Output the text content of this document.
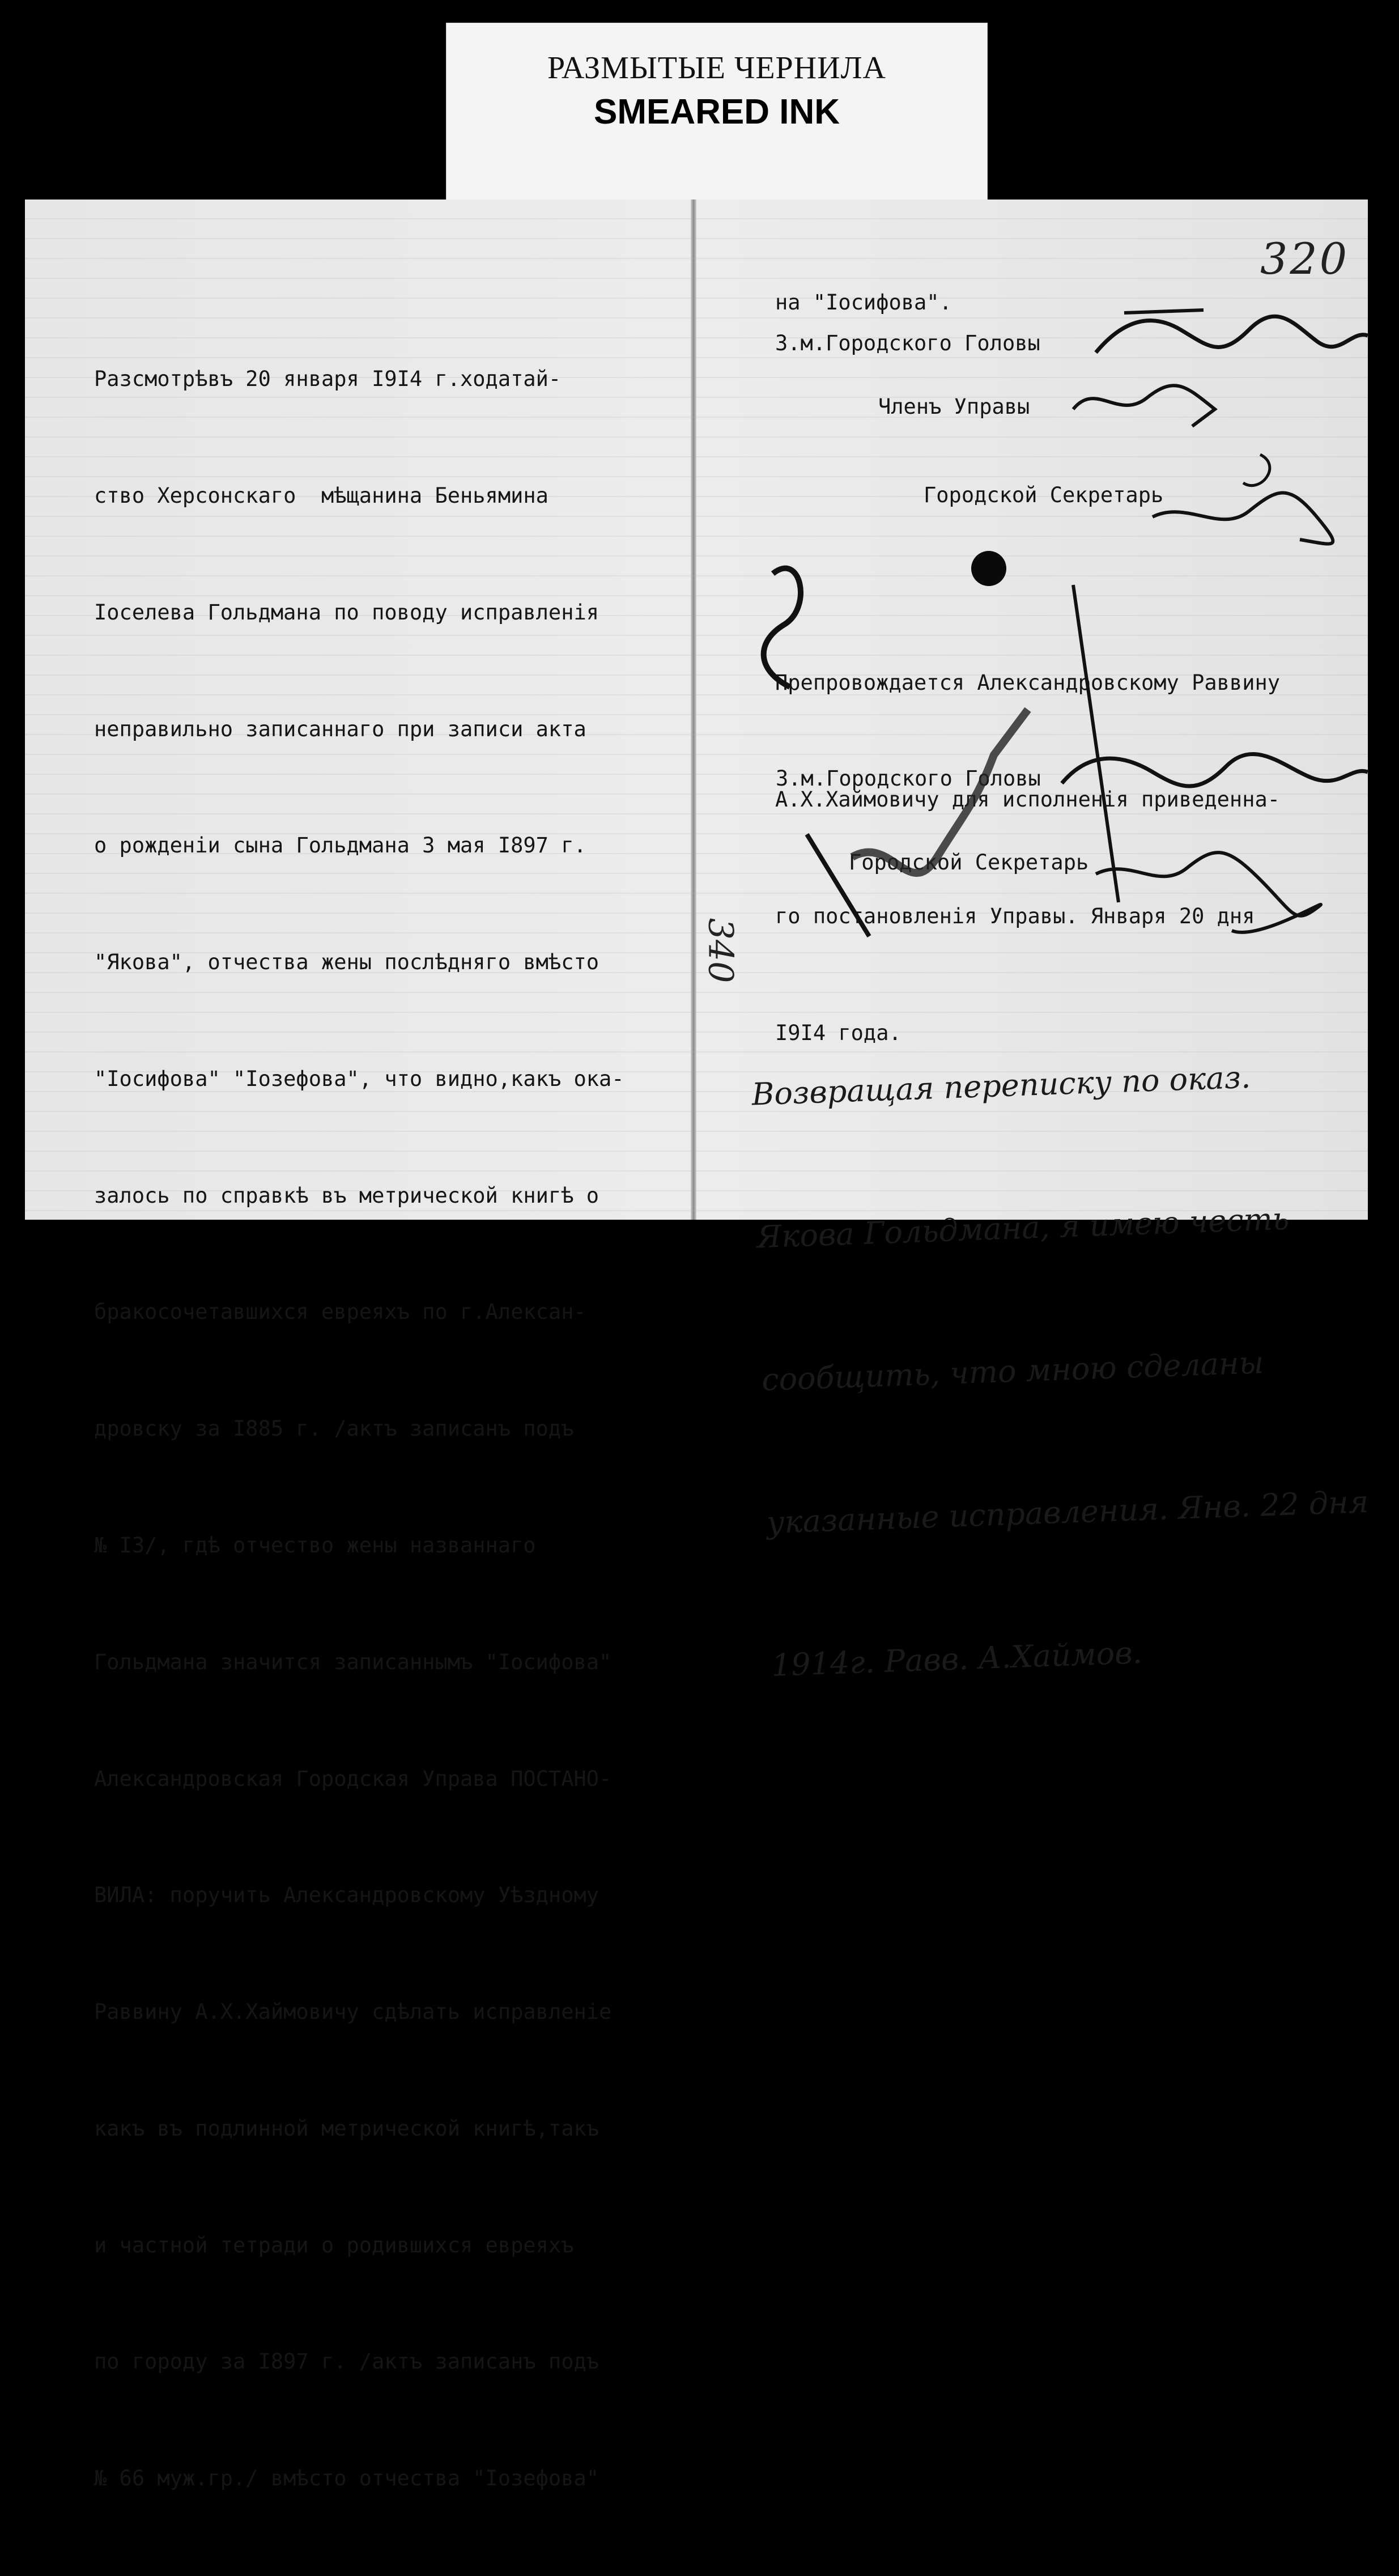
РАЗМЫТЫЕ ЧЕРНИЛА
SMEARED INK

Разсмотрѣвъ 20 января I9I4 г.ходатай-

ство Херсонскаго  мѣщанина Беньямина

Іоселева Гольдмана по поводу исправленія

неправильно записаннаго при записи акта

о рожденіи сына Гольдмана 3 мая I897 г.

"Якова", отчества жены послѣдняго вмѣсто

"Іосифова" "Іозефова", что видно,какъ ока-

залось по справкѣ въ метрической книгѣ о

бракосочетавшихся евреяхъ по г.Алексан-

дровску за I885 г. /актъ записанъ подъ

№ I3/, гдѣ отчество жены названнаго

Гольдмана значится записаннымъ "Іосифова"

Александровская Городская Управа ПОСТАНО-

ВИЛА: поручить Александровскому Уѣздному

Раввину А.Х.Хаймовичу сдѣлать исправленіе

какъ въ подлинной метрической книгѣ,такъ

и частной тетради о родившихся евреяхъ

по городу за I897 г. /актъ записанъ подъ

№ 66 муж.гр./ вмѣсто отчества "Іозефова"

320
на "Іосифова".
З.м.Городского Головы
Членъ Управы
Городской Секретарь

Препровождается Александровскому Раввину

А.Х.Хаймовичу для исполненія приведенна-

го постановленія Управы. Января 20 дня

I9I4 года.

З.м.Городского Головы
Городской Секретарь

Возвращая переписку по оказ.

Якова Гольдмана, я имею честь

сообщить, что мною сделаны

указанные исправления. Янв. 22 дня

1914г. Равв. А.Хаймов.

340
